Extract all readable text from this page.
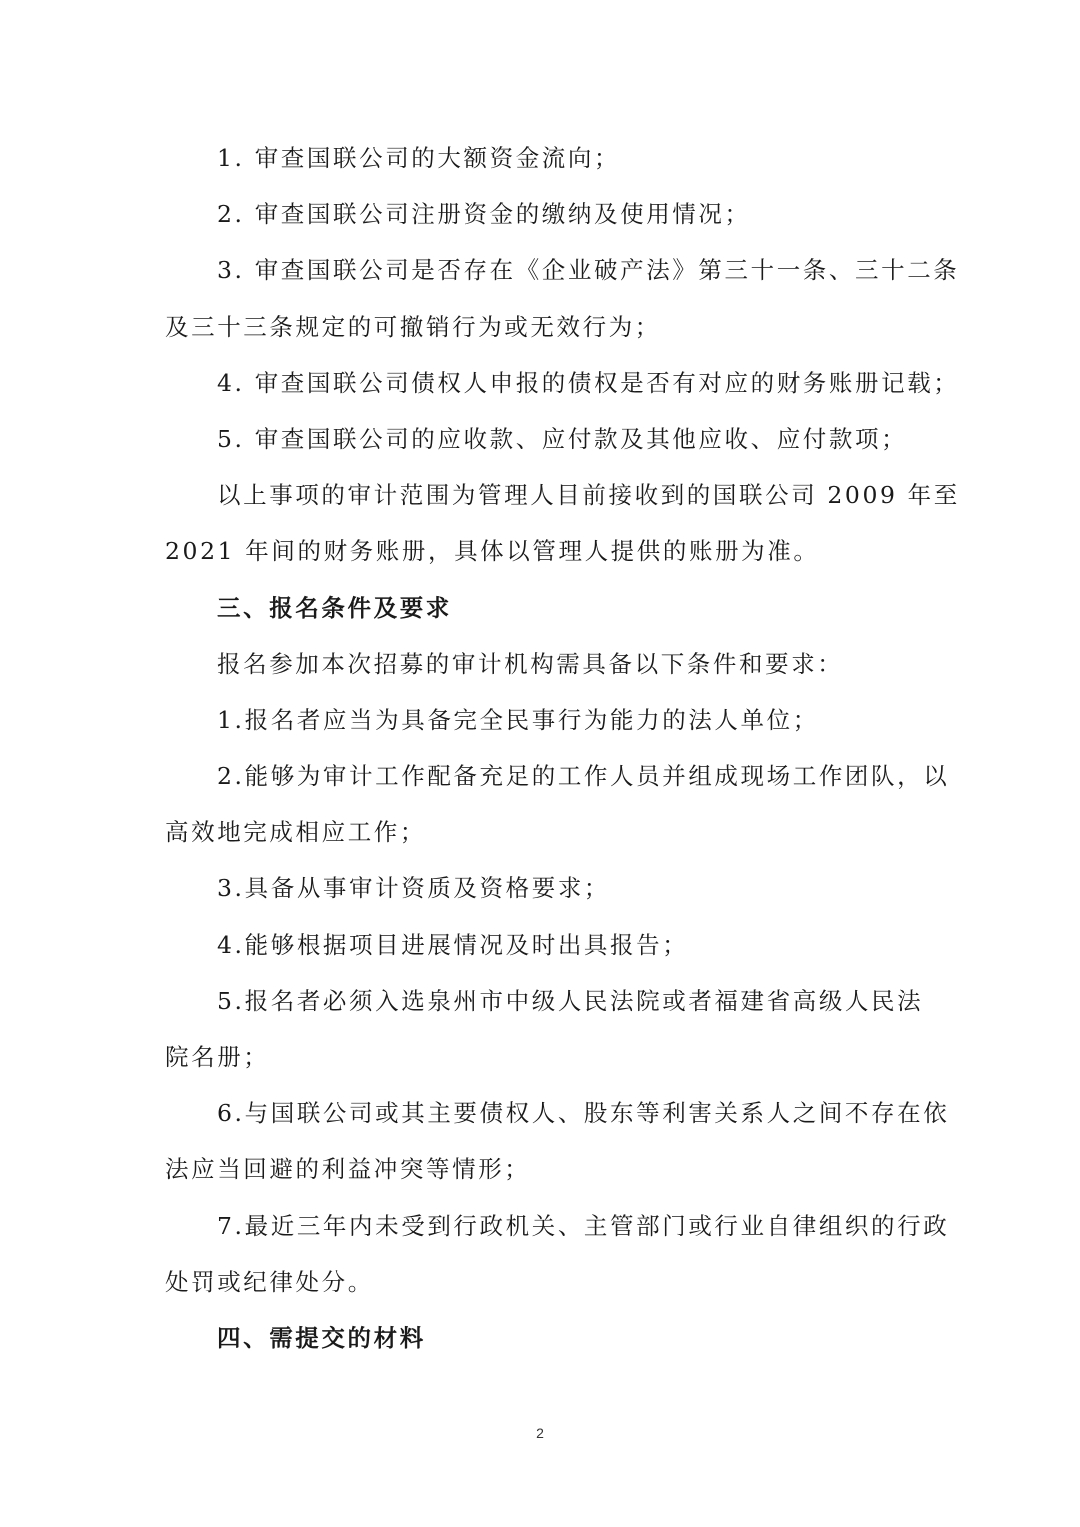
1. 审查国联公司的大额资金流向；
2. 审查国联公司注册资金的缴纳及使用情况；
3. 审查国联公司是否存在《企业破产法》第三十一条、三十二条
及三十三条规定的可撤销行为或无效行为；
4. 审查国联公司债权人申报的债权是否有对应的财务账册记载；
5. 审查国联公司的应收款、应付款及其他应收、应付款项；
以上事项的审计范围为管理人目前接收到的国联公司 2009 年至
2021 年间的财务账册，具体以管理人提供的账册为准。
三、报名条件及要求
报名参加本次招募的审计机构需具备以下条件和要求：
1.报名者应当为具备完全民事行为能力的法人单位；
2.能够为审计工作配备充足的工作人员并组成现场工作团队，以
高效地完成相应工作；
3.具备从事审计资质及资格要求；
4.能够根据项目进展情况及时出具报告；
5.报名者必须入选泉州市中级人民法院或者福建省高级人民法
院名册；
6.与国联公司或其主要债权人、股东等利害关系人之间不存在依
法应当回避的利益冲突等情形；
7.最近三年内未受到行政机关、主管部门或行业自律组织的行政
处罚或纪律处分。
四、需提交的材料
2
